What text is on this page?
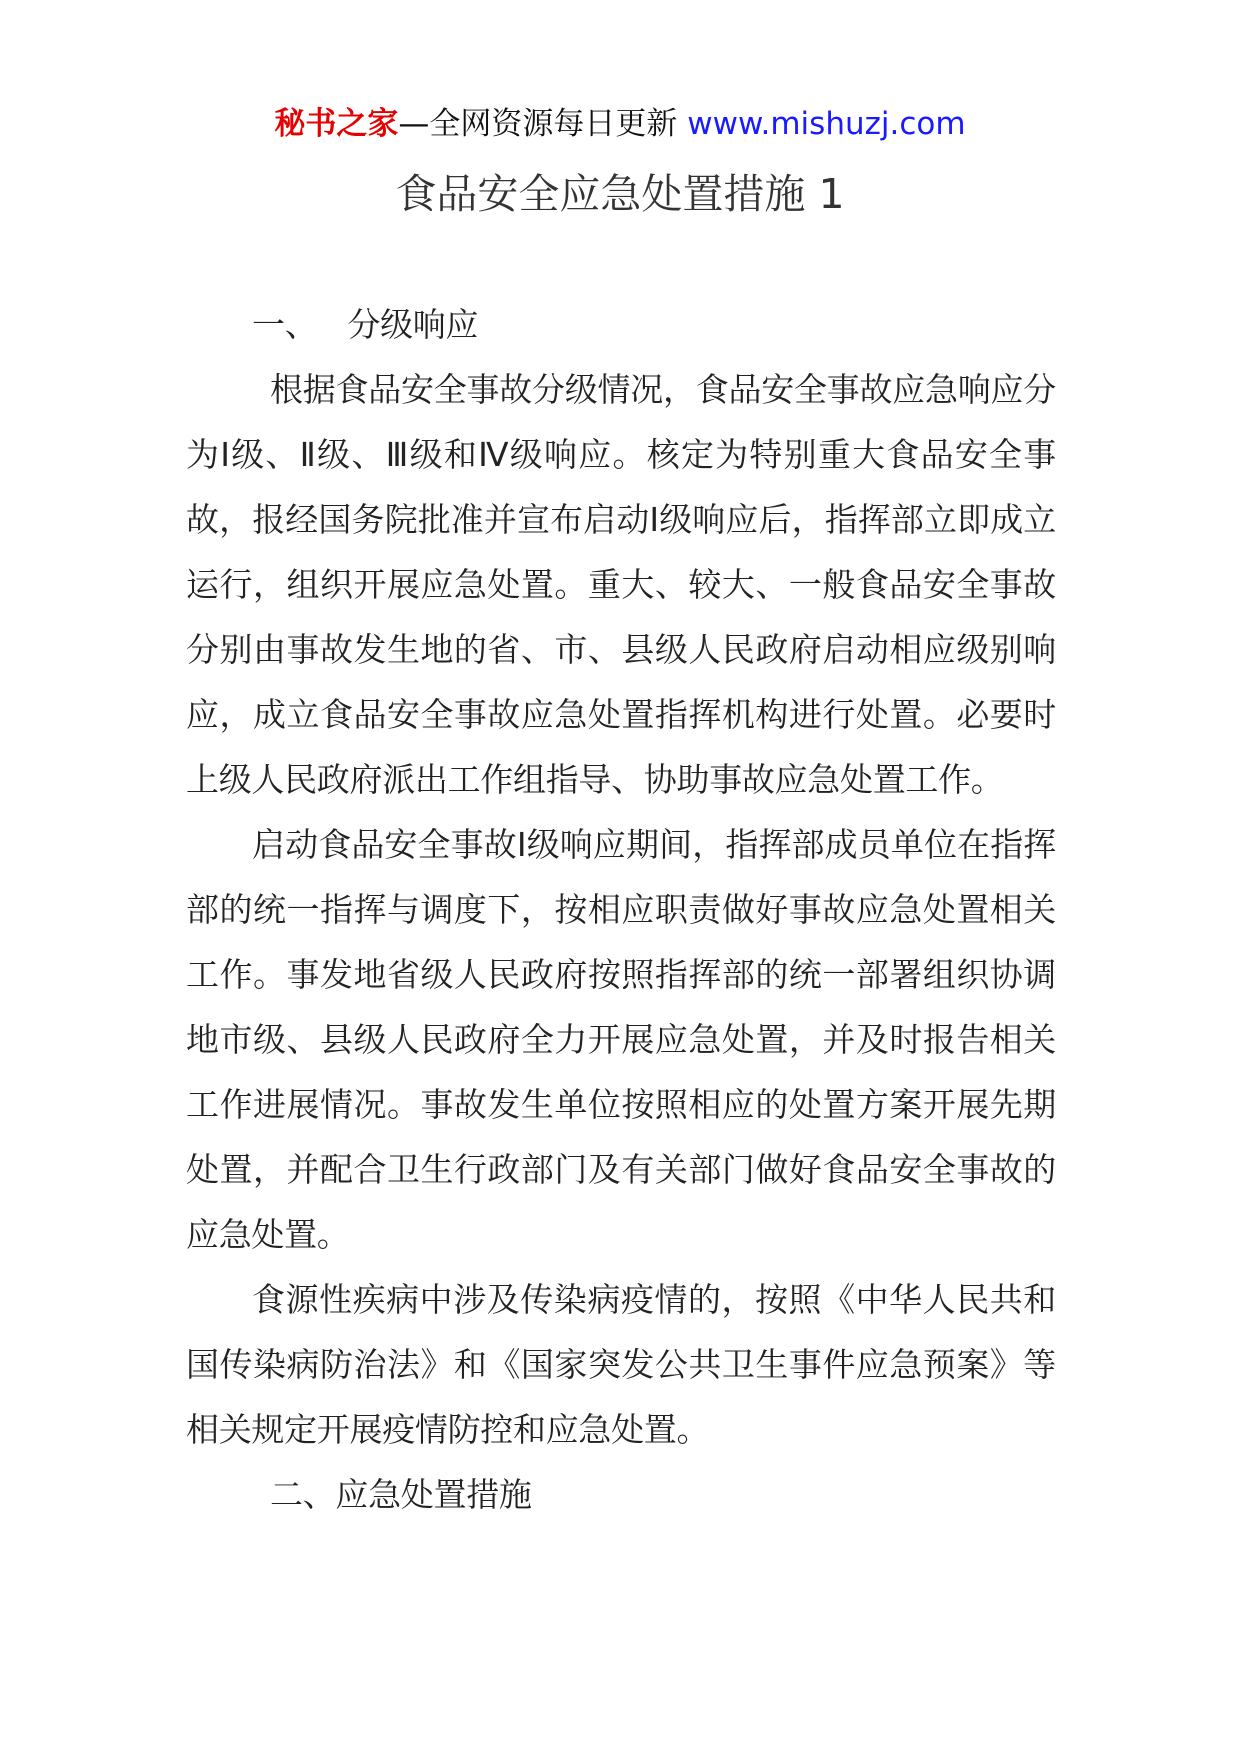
秘书之家—全网资源每日更新 www.mishuzj.com
食品安全应急处置措施 1

一、 分级响应

根据食品安全事故分级情况，食品安全事故应急响应分为Ⅰ级、Ⅱ级、Ⅲ级和Ⅳ级响应。核定为特别重大食品安全事故，报经国务院批准并宣布启动Ⅰ级响应后，指挥部立即成立运行，组织开展应急处置。重大、较大、一般食品安全事故分别由事故发生地的省、市、县级人民政府启动相应级别响应，成立食品安全事故应急处置指挥机构进行处置。必要时上级人民政府派出工作组指导、协助事故应急处置工作。

启动食品安全事故Ⅰ级响应期间，指挥部成员单位在指挥部的统一指挥与调度下，按相应职责做好事故应急处置相关工作。事发地省级人民政府按照指挥部的统一部署组织协调地市级、县级人民政府全力开展应急处置，并及时报告相关工作进展情况。事故发生单位按照相应的处置方案开展先期处置，并配合卫生行政部门及有关部门做好食品安全事故的应急处置。

食源性疾病中涉及传染病疫情的，按照《中华人民共和国传染病防治法》和《国家突发公共卫生事件应急预案》等相关规定开展疫情防控和应急处置。

二、应急处置措施
